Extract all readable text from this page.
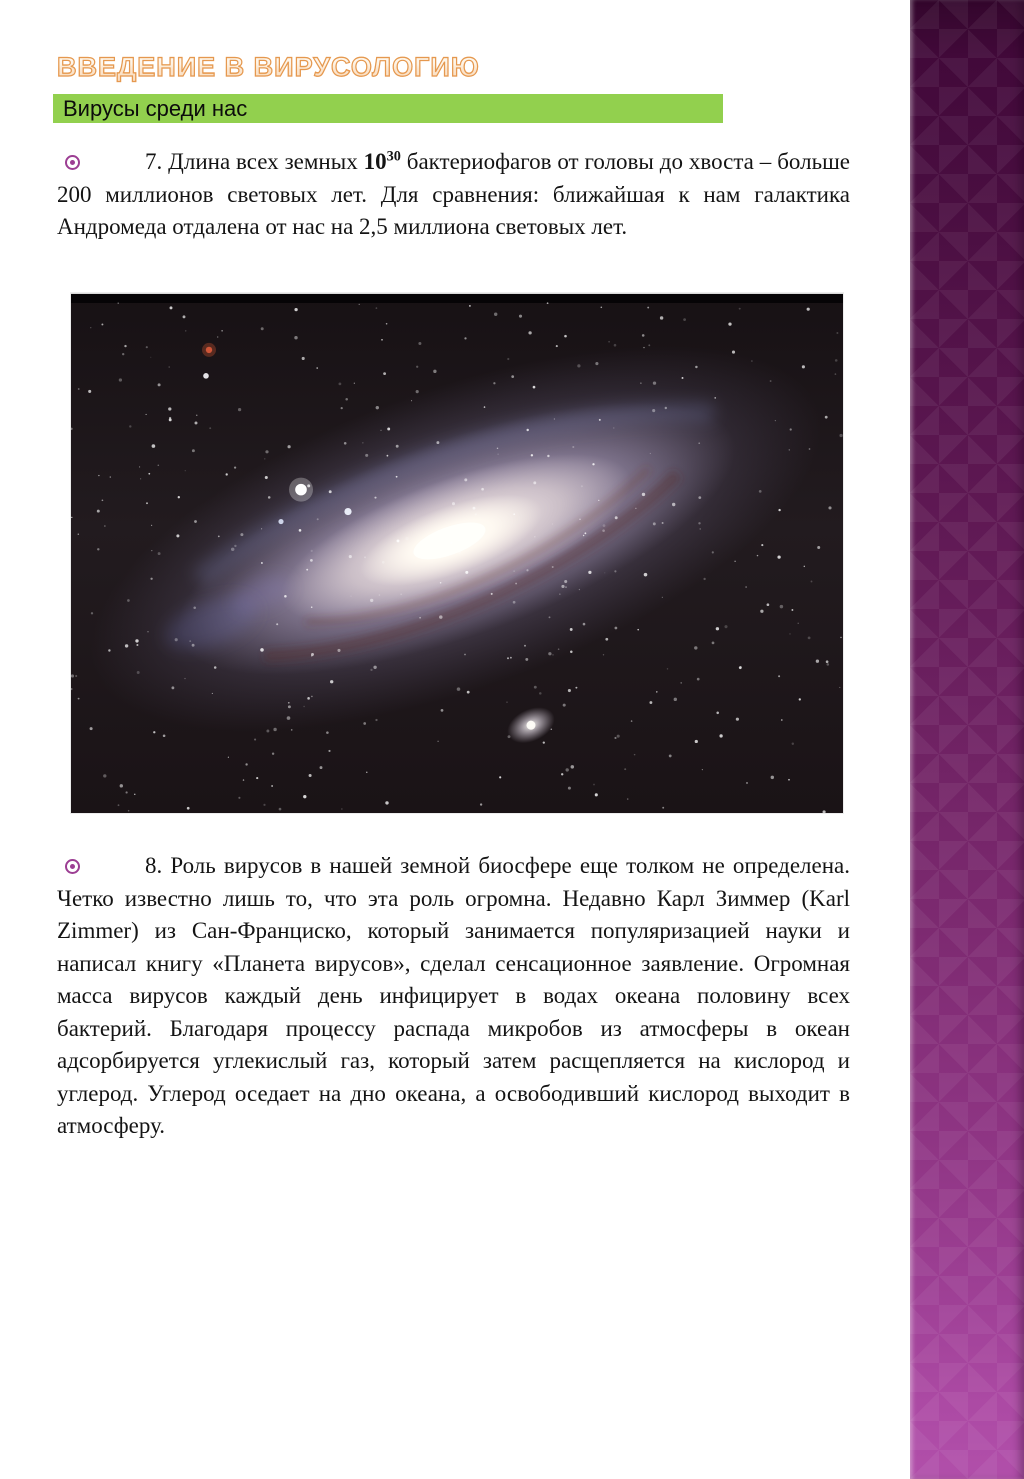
ВВЕДЕНИЕ В ВИРУСОЛОГИЮ
Вирусы среди нас

7. Длина всех земных $10^{30}$ бактериофагов от головы до хвоста – больше 200 миллионов световых лет. Для сравнения: ближайшая к нам галактика Андромеда отдалена от нас на 2,5 миллиона световых лет.

8. Роль вирусов в нашей земной биосфере еще толком не определена. Четко известно лишь то, что эта роль огромна. Недавно Карл Зиммер (Karl Zimmer) из Сан-Франциско, который занимается популяризацией науки и написал книгу «Планета вирусов», сделал сенсационное заявление. Огромная масса вирусов каждый день инфицирует в водах океана половину всех бактерий. Благодаря процессу распада микробов из атмосферы в океан адсорбируется углекислый газ, который затем расщепляется на кислород и углерод. Углерод оседает на дно океана, а освободивший кислород выходит в атмосферу.
